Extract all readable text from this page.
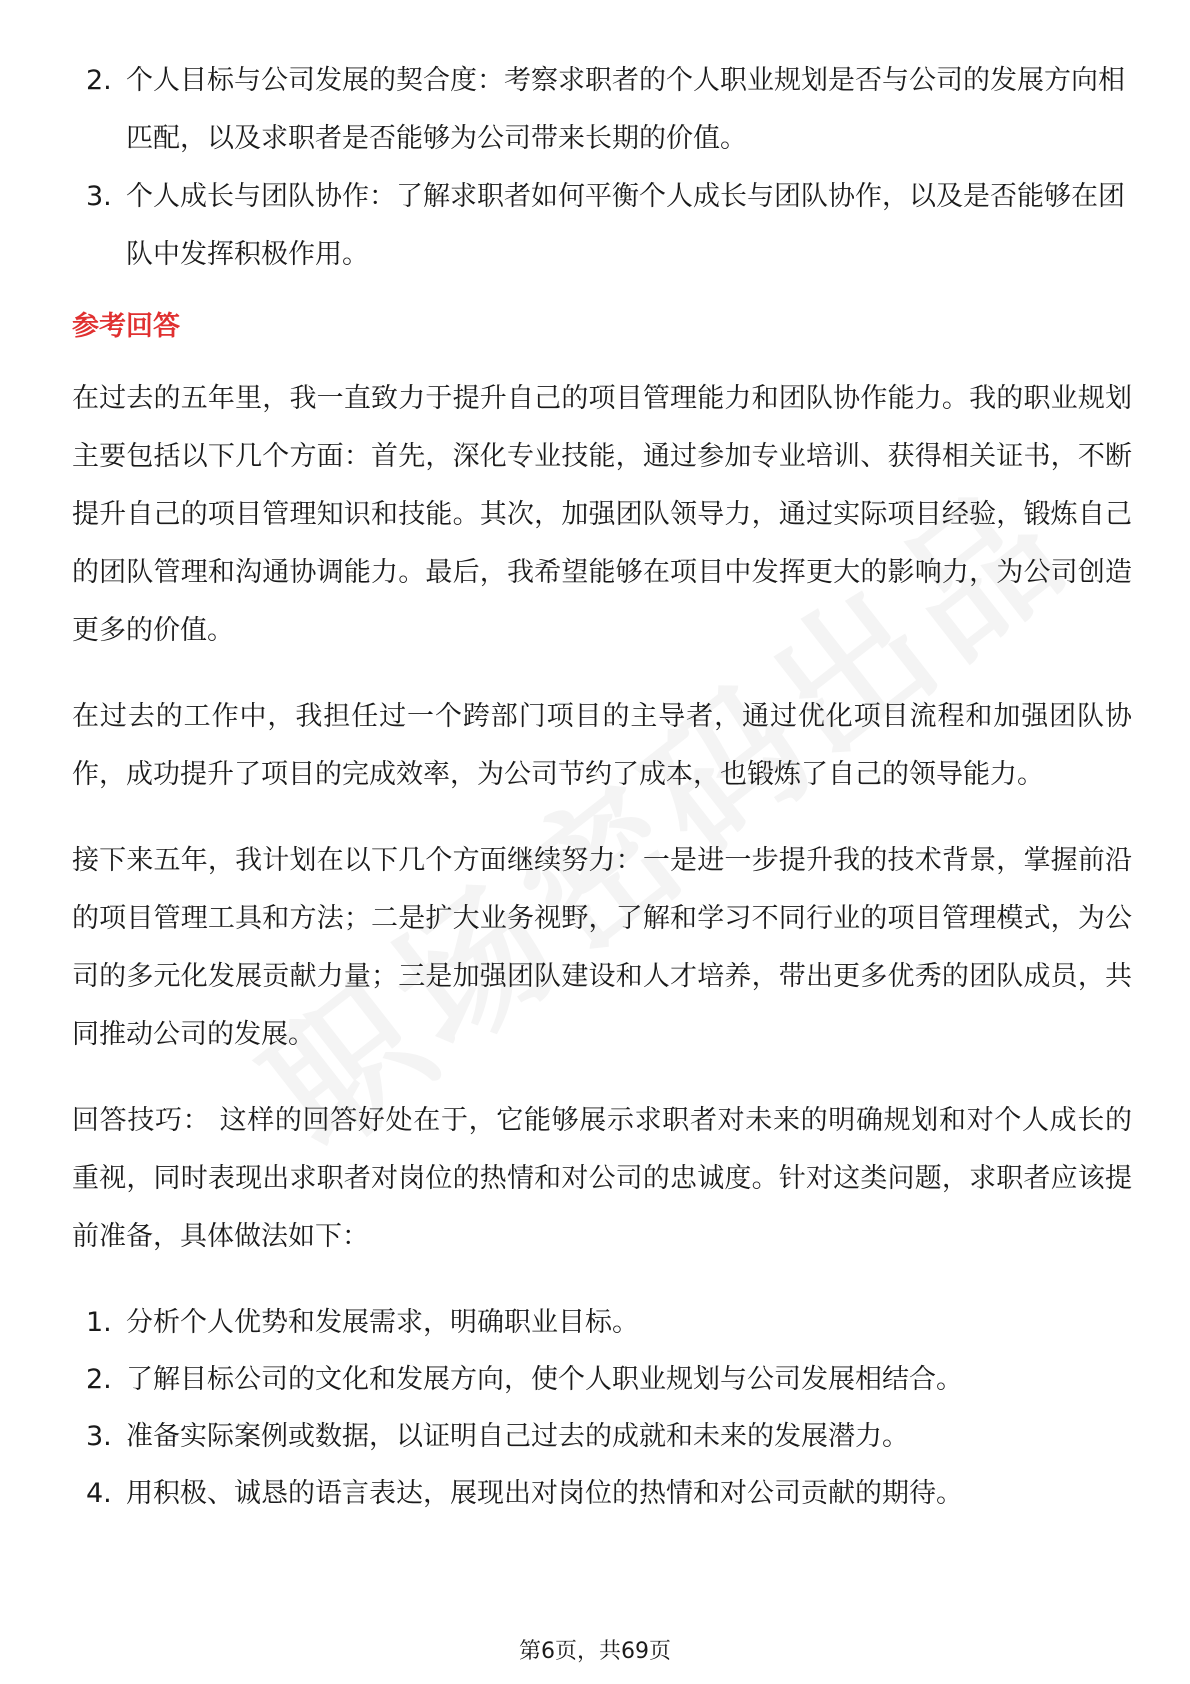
2. 个人目标与公司发展的契合度：考察求职者的个人职业规划是否与公司的发展方向相匹配，以及求职者是否能够为公司带来长期的价值。
3. 个人成长与团队协作：了解求职者如何平衡个人成长与团队协作，以及是否能够在团队中发挥积极作用。
参考回答

在过去的五年里，我一直致力于提升自己的项目管理能力和团队协作能力。我的职业规划主要包括以下几个方面：首先，深化专业技能，通过参加专业培训、获得相关证书，不断提升自己的项目管理知识和技能。其次，加强团队领导力，通过实际项目经验，锻炼自己的团队管理和沟通协调能力。最后，我希望能够在项目中发挥更大的影响力，为公司创造更多的价值。

在过去的工作中，我担任过一个跨部门项目的主导者，通过优化项目流程和加强团队协作，成功提升了项目的完成效率，为公司节约了成本，也锻炼了自己的领导能力。

接下来五年，我计划在以下几个方面继续努力：一是进一步提升我的技术背景，掌握前沿的项目管理工具和方法；二是扩大业务视野，了解和学习不同行业的项目管理模式，为公司的多元化发展贡献力量；三是加强团队建设和人才培养，带出更多优秀的团队成员，共同推动公司的发展。

回答技巧： 这样的回答好处在于，它能够展示求职者对未来的明确规划和对个人成长的重视，同时表现出求职者对岗位的热情和对公司的忠诚度。针对这类问题，求职者应该提前准备，具体做法如下：

1. 分析个人优势和发展需求，明确职业目标。
2. 了解目标公司的文化和发展方向，使个人职业规划与公司发展相结合。
3. 准备实际案例或数据，以证明自己过去的成就和未来的发展潜力。
4. 用积极、诚恳的语言表达，展现出对岗位的热情和对公司贡献的期待。
第6页，共69页
